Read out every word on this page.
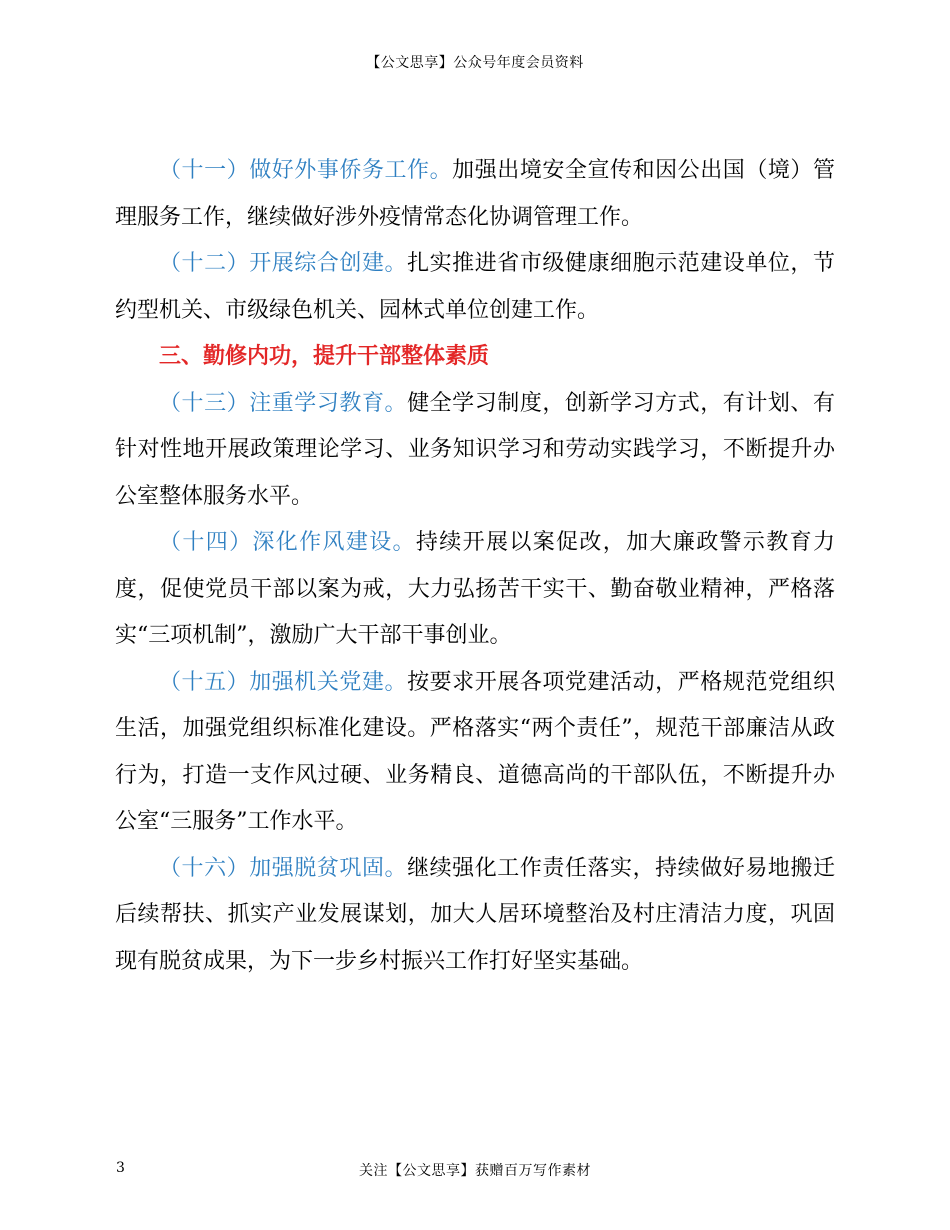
【公文思享】公众号年度会员资料

（十一）做好外事侨务工作。加强出境安全宣传和因公出国（境）管理服务工作，继续做好涉外疫情常态化协调管理工作。

（十二）开展综合创建。扎实推进省市级健康细胞示范建设单位，节约型机关、市级绿色机关、园林式单位创建工作。

三、勤修内功，提升干部整体素质

（十三）注重学习教育。健全学习制度，创新学习方式，有计划、有针对性地开展政策理论学习、业务知识学习和劳动实践学习，不断提升办公室整体服务水平。

（十四）深化作风建设。持续开展以案促改，加大廉政警示教育力度，促使党员干部以案为戒，大力弘扬苦干实干、勤奋敬业精神，严格落实“三项机制”，激励广大干部干事创业。

（十五）加强机关党建。按要求开展各项党建活动，严格规范党组织生活，加强党组织标准化建设。严格落实“两个责任”，规范干部廉洁从政行为，打造一支作风过硬、业务精良、道德高尚的干部队伍，不断提升办公室“三服务”工作水平。

（十六）加强脱贫巩固。继续强化工作责任落实，持续做好易地搬迁后续帮扶、抓实产业发展谋划，加大人居环境整治及村庄清洁力度，巩固现有脱贫成果，为下一步乡村振兴工作打好坚实基础。

3	关注【公文思享】获赠百万写作素材
